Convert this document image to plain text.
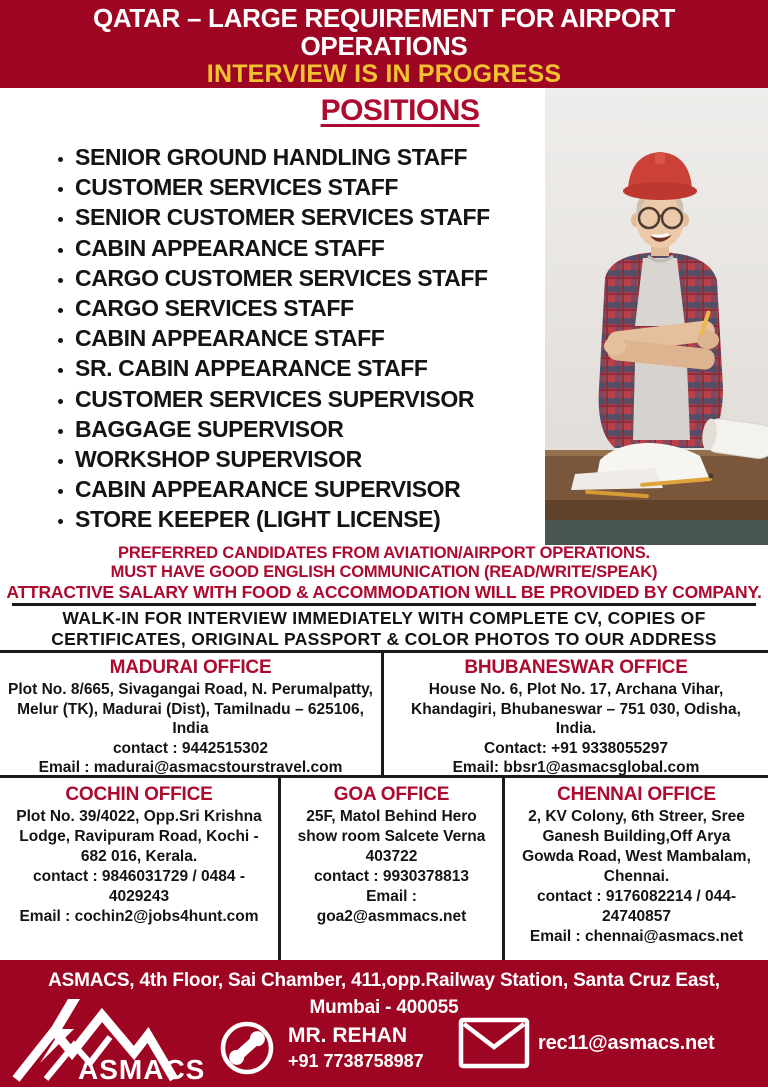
QATAR – LARGE REQUIREMENT FOR AIRPORT
OPERATIONS
INTERVIEW IS IN PROGRESS
POSITIONS
• SENIOR GROUND HANDLING STAFF
• CUSTOMER SERVICES STAFF
• SENIOR CUSTOMER SERVICES STAFF
• CABIN APPEARANCE STAFF
• CARGO CUSTOMER SERVICES STAFF
• CARGO SERVICES STAFF
• CABIN APPEARANCE STAFF
• SR. CABIN APPEARANCE STAFF
• CUSTOMER SERVICES SUPERVISOR
• BAGGAGE SUPERVISOR
• WORKSHOP SUPERVISOR
• CABIN APPEARANCE SUPERVISOR
• STORE KEEPER (LIGHT LICENSE)
PREFERRED CANDIDATES FROM AVIATION/AIRPORT OPERATIONS.
MUST HAVE GOOD ENGLISH COMMUNICATION (READ/WRITE/SPEAK)
ATTRACTIVE SALARY WITH FOOD & ACCOMMODATION WILL BE PROVIDED BY COMPANY.
WALK-IN FOR INTERVIEW IMMEDIATELY WITH COMPLETE CV, COPIES OF CERTIFICATES, ORIGINAL PASSPORT & COLOR PHOTOS TO OUR ADDRESS
MADURAI OFFICE
Plot No. 8/665, Sivagangai Road, N. Perumalpatty, Melur (TK), Madurai (Dist), Tamilnadu – 625106, India
contact : 9442515302
Email : madurai@asmacstourstravel.com
BHUBANESWAR OFFICE
House No. 6, Plot No. 17, Archana Vihar, Khandagiri, Bhubaneswar – 751 030, Odisha, India.
Contact: +91 9338055297
Email: bbsr1@asmacsglobal.com
COCHIN OFFICE
Plot No. 39/4022, Opp.Sri Krishna Lodge, Ravipuram Road, Kochi - 682 016, Kerala.
contact : 9846031729 / 0484 - 4029243
Email : cochin2@jobs4hunt.com
GOA OFFICE
25F, Matol Behind Hero show room Salcete Verna 403722
contact : 9930378813
Email : goa2@asmmacs.net
CHENNAI OFFICE
2, KV Colony, 6th Streer, Sree Ganesh Building,Off Arya Gowda Road, West Mambalam, Chennai.
contact : 9176082214 / 044-24740857
Email : chennai@asmacs.net
ASMACS, 4th Floor, Sai Chamber, 411,opp.Railway Station, Santa Cruz East, Mumbai - 400055
ASMACS
MR. REHAN
+91 7738758987
rec11@asmacs.net
